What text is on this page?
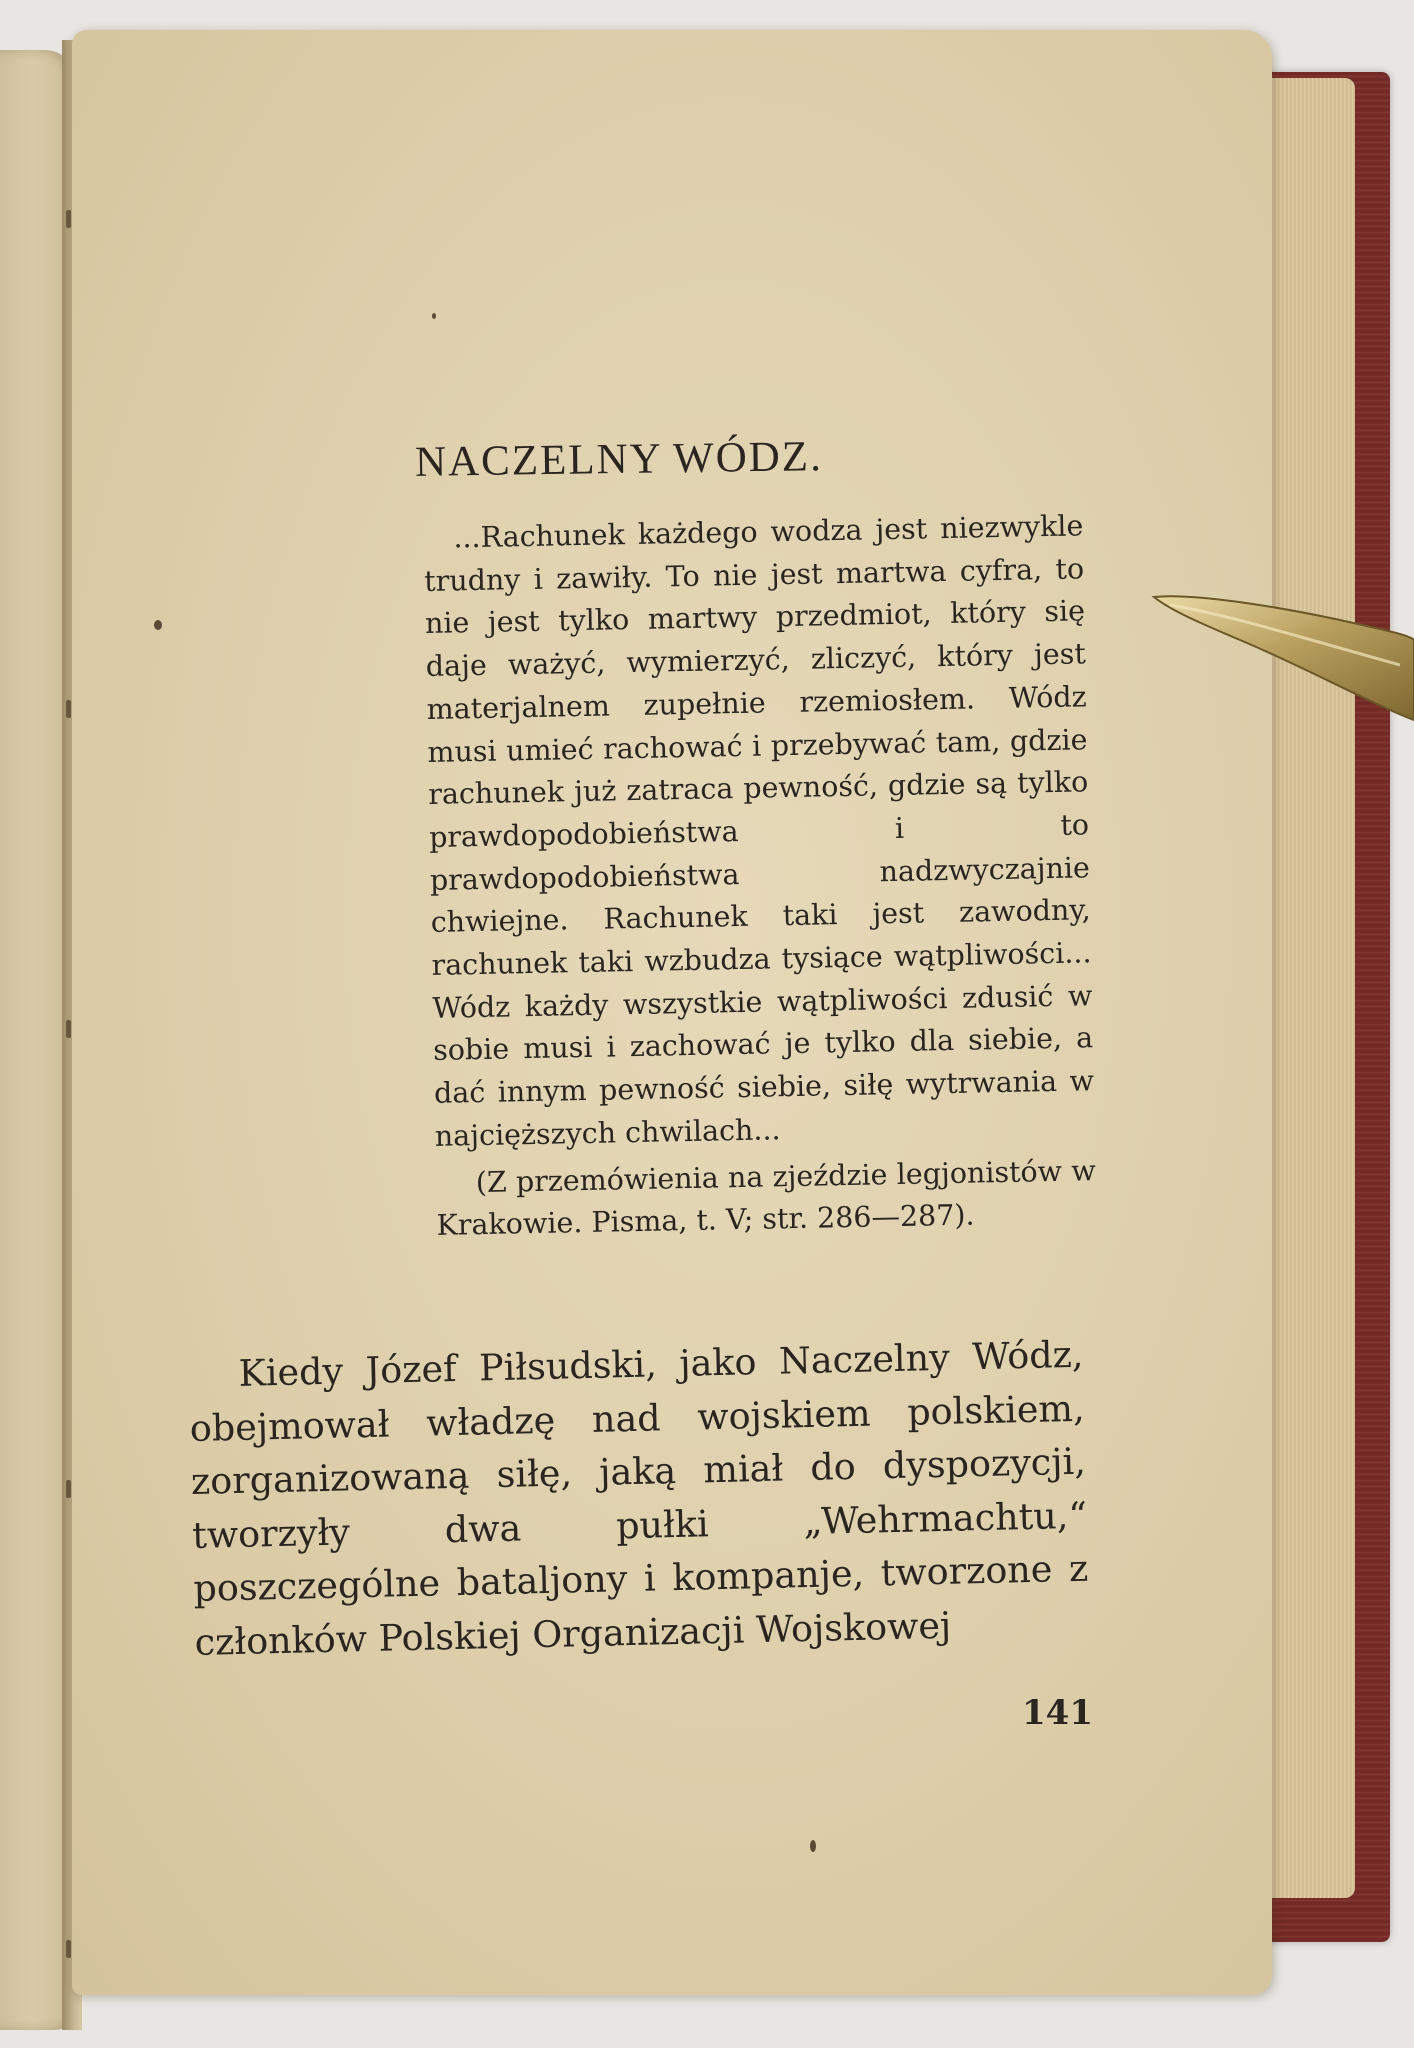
NACZELNY WÓDZ.

...Rachunek każdego wodza jest niezwykle trudny i zawiły. To nie jest martwa cyfra, to nie jest tylko martwy przedmiot, który się daje ważyć, wymierzyć, zliczyć, który jest materjalnem zupełnie rzemiosłem. Wódz musi umieć rachować i przebywać tam, gdzie rachunek już zatraca pewność, gdzie są tylko prawdopodobieństwa i to prawdopodobieństwa nadzwyczajnie chwiejne. Rachunek taki jest zawodny, rachunek taki wzbudza tysiące wątpliwości... Wódz każdy wszystkie wątpliwości zdusić w sobie musi i zachować je tylko dla siebie, a dać innym pewność siebie, siłę wytrwania w najcięższych chwilach...

(Z przemówienia na zjeździe legjonistów w Krakowie. Pisma, t. V; str. 286—287).

Kiedy Józef Piłsudski, jako Naczelny Wódz, obejmował władzę nad wojskiem polskiem, zorganizowaną siłę, jaką miał do dyspozycji, tworzyły dwa pułki „Wehrmachtu,“ poszczególne bataljony i kompanje, tworzone z członków Polskiej Organizacji Wojskowej
141
